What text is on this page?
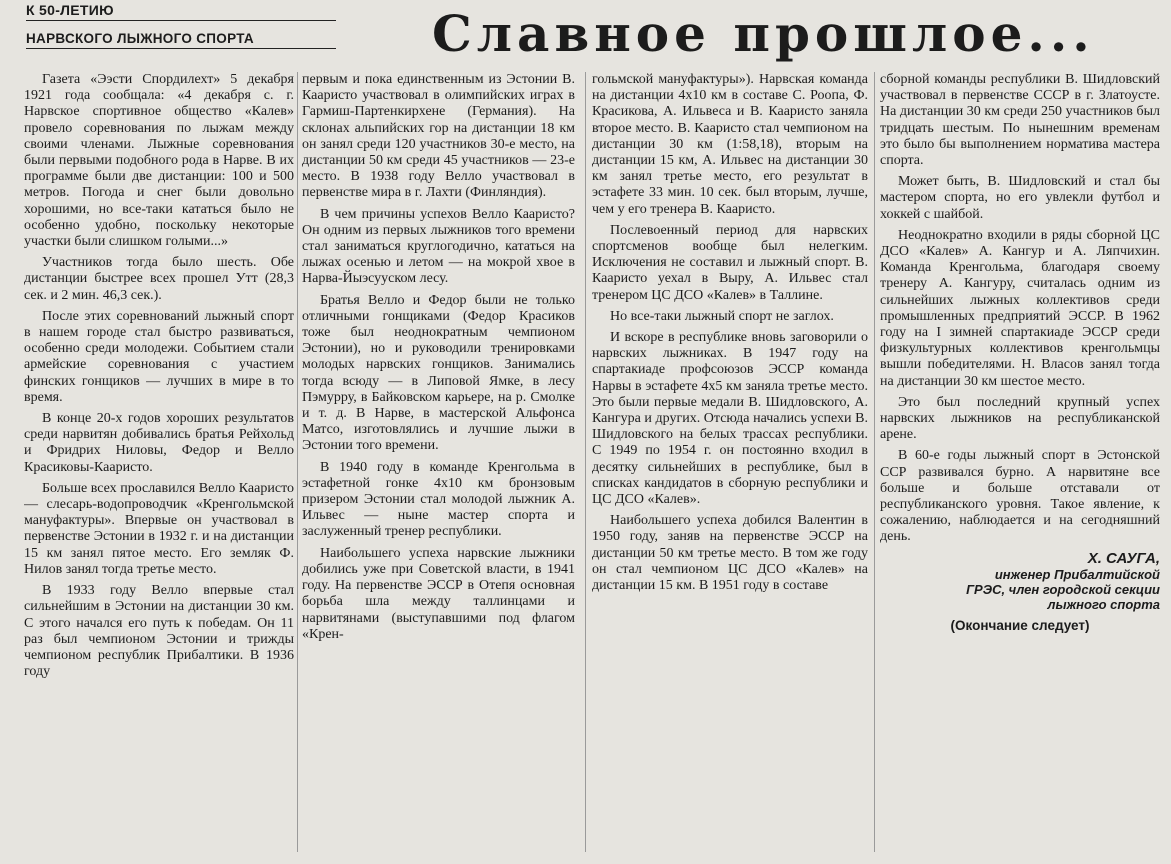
К 50-ЛЕТИЮ
НАРВСКОГО ЛЫЖНОГО СПОРТА	Славное прошлое...

Газета «Ээсти Спордилехт» 5 декабря 1921 года сообщала: «4 декабря с. г. Нарвское спортивное общество «Калев» провело соревнования по лыжам между своими членами. Лыжные соревнования были первыми подобного рода в Нарве. В их программе были две дистанции: 100 и 500 метров. Погода и снег были довольно хорошими, но все-таки кататься было не особенно удобно, поскольку некоторые участки были слишком голыми...»

Участников тогда было шесть. Обе дистанции быстрее всех прошел Утт (28,3 сек. и 2 мин. 46,3 сек.).

После этих соревнований лыжный спорт в нашем городе стал быстро развиваться, особенно среди молодежи. Событием стали армейские соревнования с участием финских гонщиков — лучших в мире в то время.

В конце 20-х годов хороших результатов среди нарвитян добивались братья Рейхольд и Фридрих Ниловы, Федор и Велло Красиковы-Кааристо.

Больше всех прославился Велло Кааристо — слесарь-водопроводчик «Кренгольмской мануфактуры». Впервые он участвовал в первенстве Эстонии в 1932 г. и на дистанции 15 км занял пятое место. Его земляк Ф. Нилов занял тогда третье место.

В 1933 году Велло впервые стал сильнейшим в Эстонии на дистанции 30 км. С этого начался его путь к победам. Он 11 раз был чемпионом Эстонии и трижды чемпионом республик Прибалтики. В 1936 году

первым и пока единственным из Эстонии В. Кааристо участвовал в олимпийских играх в Гармиш-Партенкирхене (Германия). На склонах альпийских гор на дистанции 18 км он занял среди 120 участников 30-е место, на дистанции 50 км среди 45 участников — 23-е место. В 1938 году Велло участвовал в первенстве мира в г. Лахти (Финляндия).

В чем причины успехов Велло Кааристо? Он одним из первых лыжников того времени стал заниматься круглогодично, кататься на лыжах осенью и летом — на мокрой хвое в Нарва-Йыэсууском лесу.

Братья Велло и Федор были не только отличными гонщиками (Федор Красиков тоже был неоднократным чемпионом Эстонии), но и руководили тренировками молодых нарвских гонщиков. Занимались тогда всюду — в Липовой Ямке, в лесу Пэмурру, в Байковском карьере, на р. Смолке и т. д. В Нарве, в мастерской Альфонса Матсо, изготовлялись и лучшие лыжи в Эстонии того времени.

В 1940 году в команде Кренгольма в эстафетной гонке 4х10 км бронзовым призером Эстонии стал молодой лыжник А. Ильвес — ныне мастер спорта и заслуженный тренер республики.

Наибольшего успеха нарвские лыжники добились уже при Советской власти, в 1941 году. На первенстве ЭССР в Отепя основная борьба шла между таллинцами и нарвитянами (выступавшими под флагом «Крен-

гольмской мануфактуры»). Нарвская команда на дистанции 4х10 км в составе С. Роопа, Ф. Красикова, А. Ильвеса и В. Кааристо заняла второе место. В. Кааристо стал чемпионом на дистанции 30 км (1:58,18), вторым на дистанции 15 км, А. Ильвес на дистанции 30 км занял третье место, его результат в эстафете 33 мин. 10 сек. был вторым, лучше, чем у его тренера В. Кааристо.

Послевоенный период для нарвских спортсменов вообще был нелегким. Исключения не составил и лыжный спорт. В. Кааристо уехал в Выру, А. Ильвес стал тренером ЦС ДСО «Калев» в Таллине.

Но все-таки лыжный спорт не заглох.

И вскоре в республике вновь заговорили о нарвских лыжниках. В 1947 году на спартакиаде профсоюзов ЭССР команда Нарвы в эстафете 4х5 км заняла третье место. Это были первые медали В. Шидловского, А. Кангура и других. Отсюда начались успехи В. Шидловского на белых трассах республики. С 1949 по 1954 г. он постоянно входил в десятку сильнейших в республике, был в списках кандидатов в сборную республики и ЦС ДСО «Калев».

Наибольшего успеха добился Валентин в 1950 году, заняв на первенстве ЭССР на дистанции 50 км третье место. В том же году он стал чемпионом ЦС ДСО «Калев» на дистанции 15 км. В 1951 году в составе

сборной команды республики В. Шидловский участвовал в первенстве СССР в г. Златоусте. На дистанции 30 км среди 250 участников был тридцать шестым. По нынешним временам это было бы выполнением норматива мастера спорта.

Может быть, В. Шидловский и стал бы мастером спорта, но его увлекли футбол и хоккей с шайбой.

Неоднократно входили в ряды сборной ЦС ДСО «Калев» А. Кангур и А. Ляпчихин. Команда Кренгольма, благодаря своему тренеру А. Кангуру, считалась одним из сильнейших лыжных коллективов среди промышленных предприятий ЭССР. В 1962 году на I зимней спартакиаде ЭССР среди физкультурных коллективов кренгольмцы вышли победителями. Н. Власов занял тогда на дистанции 30 км шестое место.

Это был последний крупный успех нарвских лыжников на республиканской арене.

В 60-е годы лыжный спорт в Эстонской ССР развивался бурно. А нарвитяне все больше и больше отставали от республиканского уровня. Такое явление, к сожалению, наблюдается и на сегодняшний день.

Х. САУГА,
инженер Прибалтийской
ГРЭС, член городской секции
лыжного спорта
(Окончание следует)
